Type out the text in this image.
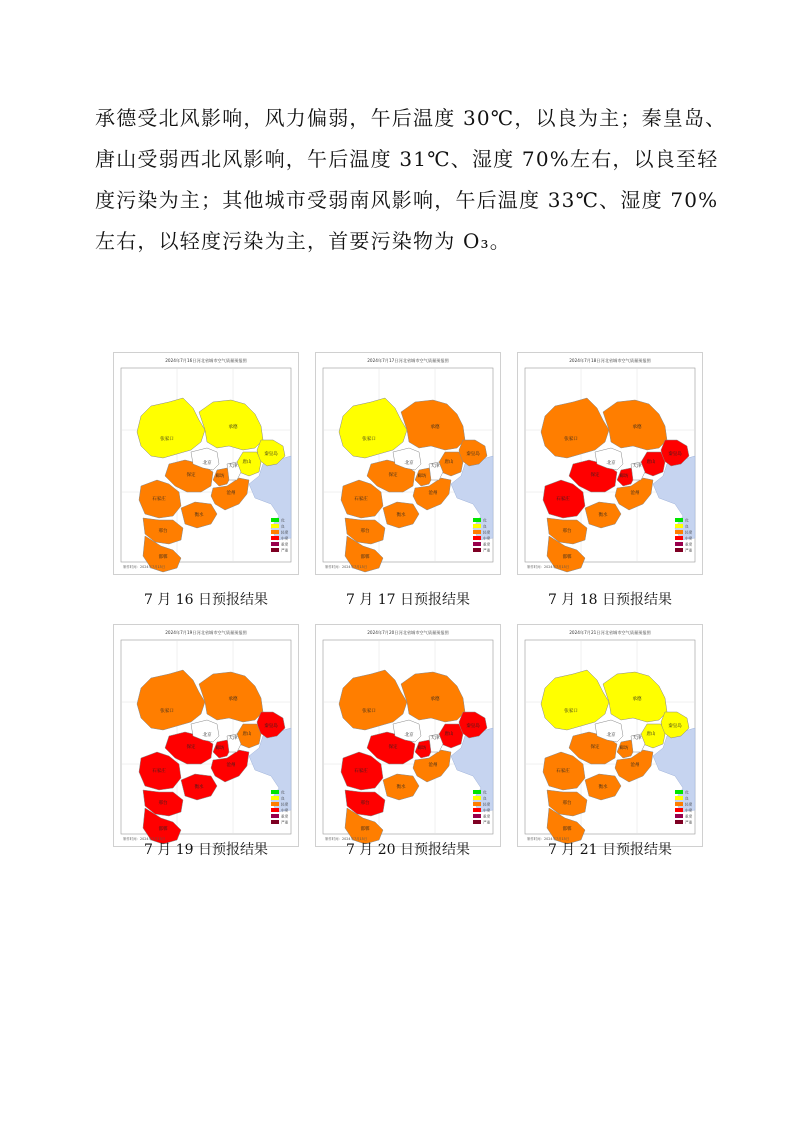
承德受北风影响，风力偏弱，午后温度 30℃，以良为主；秦皇岛、
唐山受弱西北风影响，午后温度 31℃、湿度 70%左右，以良至轻
度污染为主；其他城市受弱南风影响，午后温度 33℃、湿度 70%
左右，以轻度污染为主，首要污染物为 O₃。
2024年7月16日河北省城市空气质量预报图
张家口
承德
北京
天津
秦皇岛
唐山
廊坊
保定
沧州
石家庄
衡水
邢台
邯郸
优
良
轻度
中度
重度
严重
制作时间：2024年7月15日
7 月 16 日预报结果
2024年7月17日河北省城市空气质量预报图
张家口
承德
北京
天津
秦皇岛
唐山
廊坊
保定
沧州
石家庄
衡水
邢台
邯郸
优
良
轻度
中度
重度
严重
制作时间：2024年7月15日
7 月 17 日预报结果
2024年7月18日河北省城市空气质量预报图
张家口
承德
北京
天津
秦皇岛
唐山
廊坊
保定
沧州
石家庄
衡水
邢台
邯郸
优
良
轻度
中度
重度
严重
制作时间：2024年7月15日
7 月 18 日预报结果
2024年7月19日河北省城市空气质量预报图
张家口
承德
北京
天津
秦皇岛
唐山
廊坊
保定
沧州
石家庄
衡水
邢台
邯郸
优
良
轻度
中度
重度
严重
制作时间：2024年7月15日
7 月 19 日预报结果
2024年7月20日河北省城市空气质量预报图
张家口
承德
北京
天津
秦皇岛
唐山
廊坊
保定
沧州
石家庄
衡水
邢台
邯郸
优
良
轻度
中度
重度
严重
制作时间：2024年7月15日
7 月 20 日预报结果
2024年7月21日河北省城市空气质量预报图
张家口
承德
北京
天津
秦皇岛
唐山
廊坊
保定
沧州
石家庄
衡水
邢台
邯郸
优
良
轻度
中度
重度
严重
制作时间：2024年7月15日
7 月 21 日预报结果
